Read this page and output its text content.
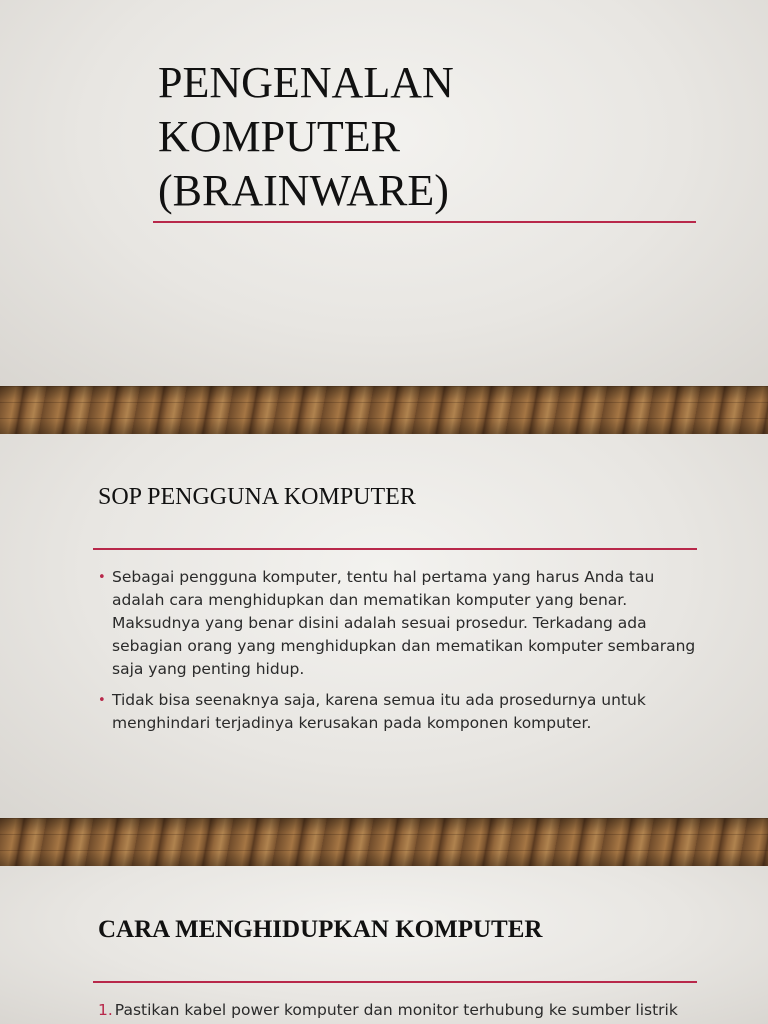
PENGENALAN
KOMPUTER
(BRAINWARE)
SOP PENGGUNA KOMPUTER
• Sebagai pengguna komputer, tentu hal pertama yang harus Anda tau adalah cara menghidupkan dan mematikan komputer yang benar. Maksudnya yang benar disini adalah sesuai prosedur. Terkadang ada sebagian orang yang menghidupkan dan mematikan komputer sembarang saja yang penting hidup.
• Tidak bisa seenaknya saja, karena semua itu ada prosedurnya untuk menghindari terjadinya kerusakan pada komponen komputer.
CARA MENGHIDUPKAN KOMPUTER
1. Pastikan kabel power komputer dan monitor terhubung ke sumber listrik
